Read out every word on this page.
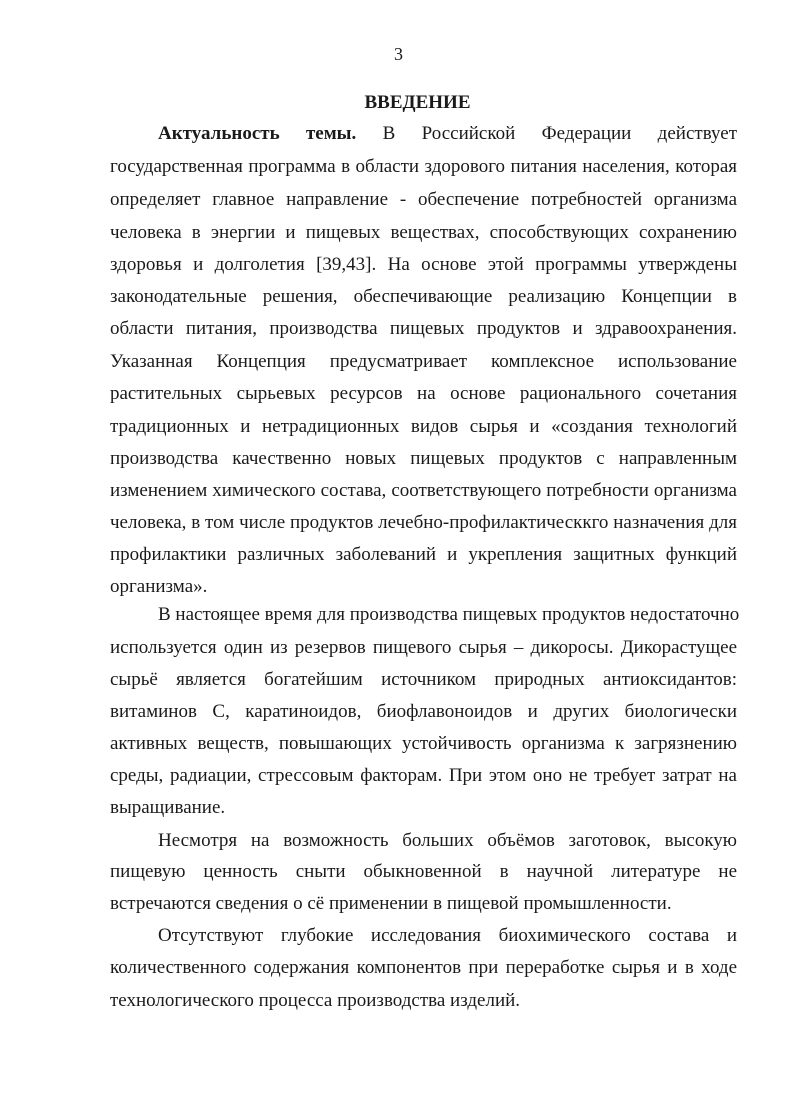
3
ВВЕДЕНИЕ
Актуальность темы. В Российской Федерации действует
государственная программа в области здорового питания населения, которая
определяет главное направление - обеспечение потребностей организма
человека в энергии и пищевых веществах, способствующих сохранению
здоровья и долголетия [39,43]. На основе этой программы утверждены
законодательные решения, обеспечивающие реализацию Концепции в
области питания, производства пищевых продуктов и здравоохранения.
Указанная Концепция предусматривает комплексное использование
растительных сырьевых ресурсов на основе рационального сочетания
традиционных и нетрадиционных видов сырья и «создания технологий
производства качественно новых пищевых продуктов с направленным
изменением химического состава, соответствующего потребности организма
человека, в том числе продуктов лечебно-профилактическкго назначения для
профилактики различных заболеваний и укрепления защитных функций
организма».
В настоящее время для производства пищевых продуктов недостаточно
используется один из резервов пищевого сырья – дикоросы. Дикорастущее
сырьё является богатейшим источником природных антиоксидантов:
витаминов С, каратиноидов, биофлавоноидов и других биологически
активных веществ, повышающих устойчивость организма к загрязнению
среды, радиации, стрессовым факторам. При этом оно не требует затрат на
выращивание.
Несмотря на возможность больших объёмов заготовок, высокую
пищевую ценность сныти обыкновенной в научной литературе не
встречаются сведения о сё применении в пищевой промышленности.
Отсутствуют глубокие исследования биохимического состава и
количественного содержания компонентов при переработке сырья и в ходе
технологического процесса производства изделий.
